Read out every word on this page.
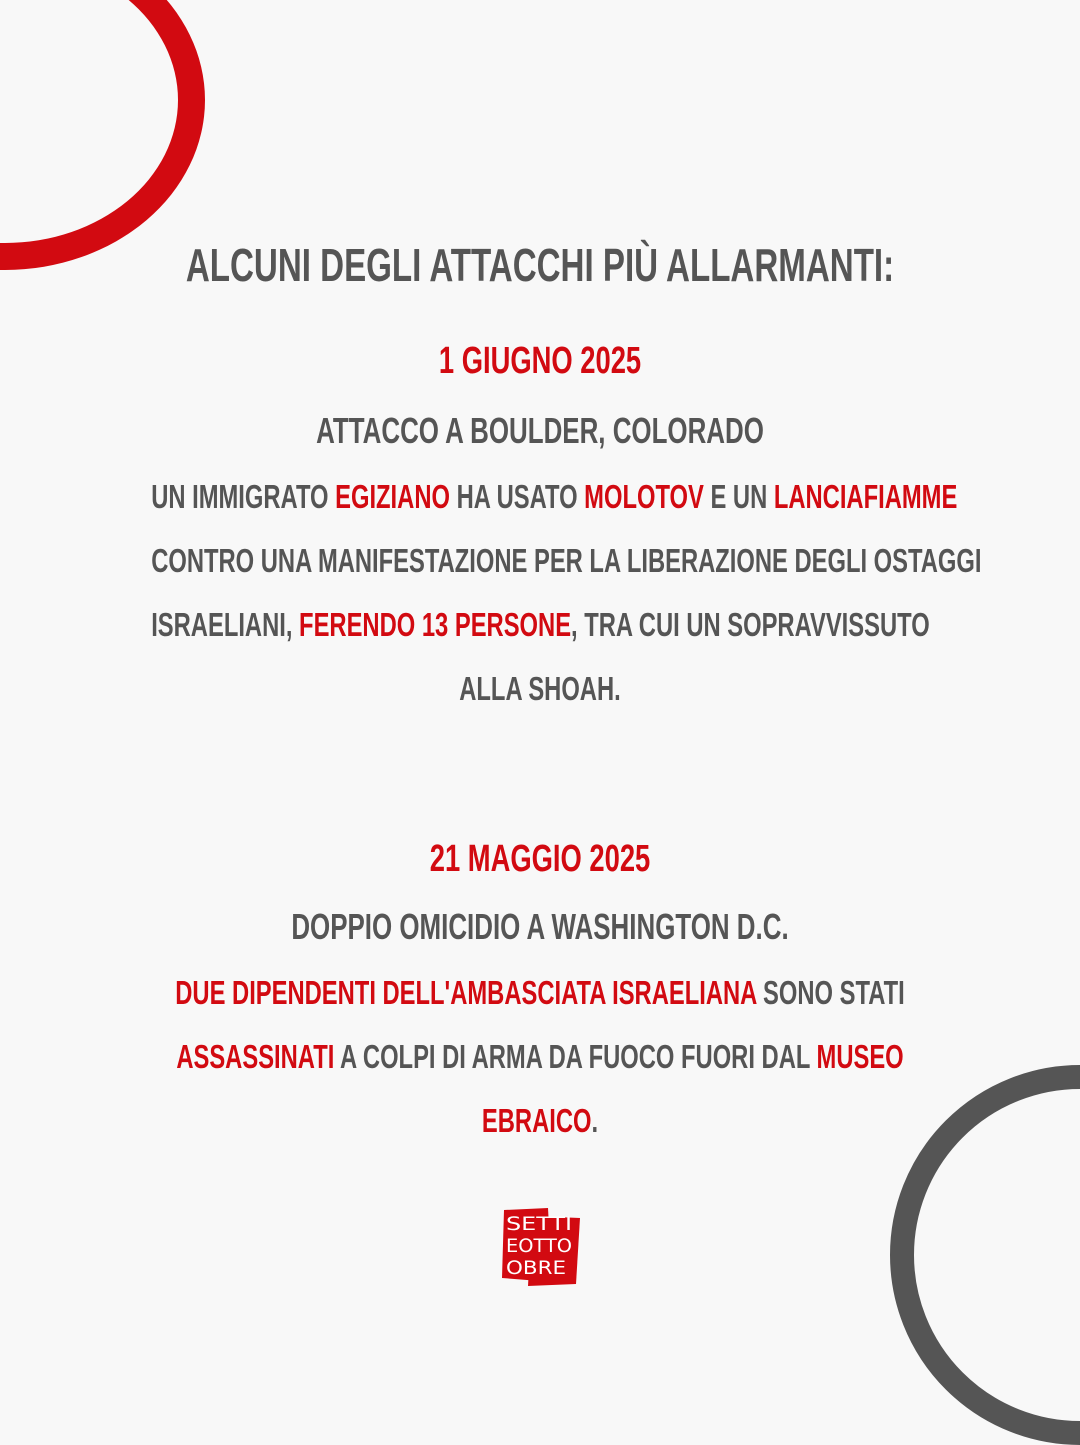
ALCUNI DEGLI ATTACCHI PIÙ ALLARMANTI:
1 GIUGNO 2025
ATTACCO A BOULDER, COLORADO
UN IMMIGRATO EGIZIANO HA USATO MOLOTOV E UN LANCIAFIAMME
CONTRO UNA MANIFESTAZIONE PER LA LIBERAZIONE DEGLI OSTAGGI
ISRAELIANI, FERENDO 13 PERSONE, TRA CUI UN SOPRAVVISSUTO
ALLA SHOAH.
21 MAGGIO 2025
DOPPIO OMICIDIO A WASHINGTON D.C.
DUE DIPENDENTI DELL'AMBASCIATA ISRAELIANA SONO STATI
ASSASSINATI A COLPI DI ARMA DA FUOCO FUORI DAL MUSEO
EBRAICO.
SETTI
EOTTO
OBRE
